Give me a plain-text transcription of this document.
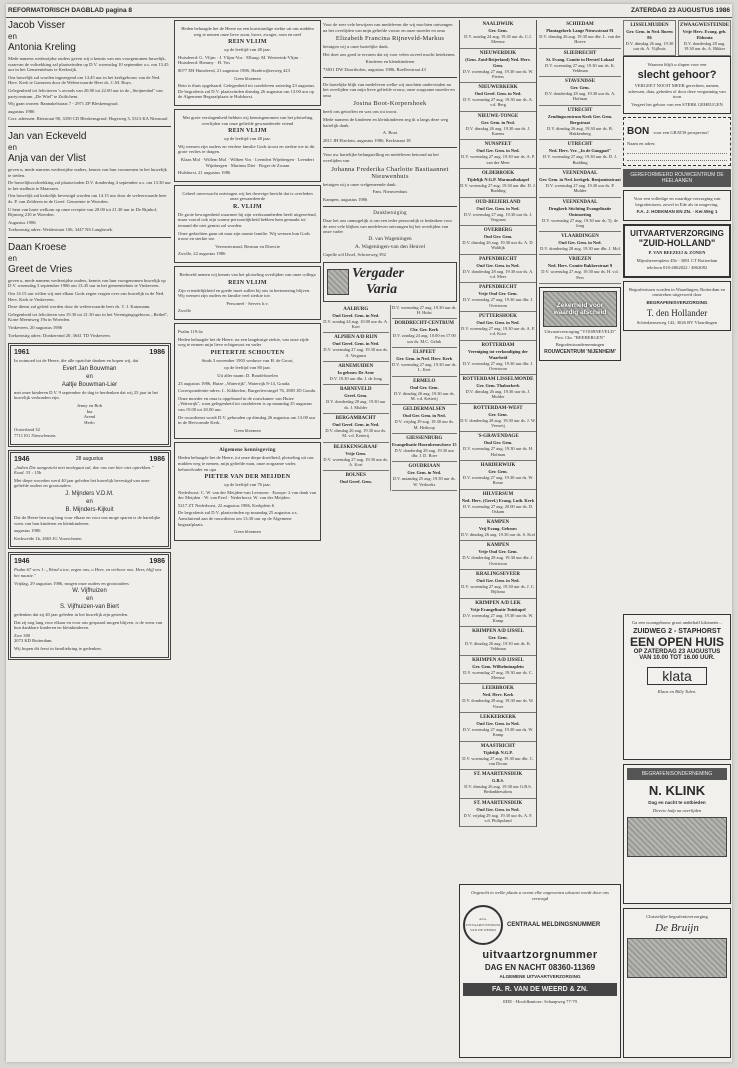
REFORMATORISCH DAGBLAD pagina 8	ZATERDAG 23 AUGUSTUS 1986
Jacob Visser
en
Antonia Kreling

Mede namens wederzijdse ouders geven wij u kennis van ons voorgenomen huwelijk, waarvan de voltrekking zal plaatsvinden op D.V. woensdag 10 september a.s. om 13.45 uur in het Gemeentehuis te Kerkwijk.

Ons huwelijk zal worden ingezegend om 14.45 uur in het kerkgebouw van de Ned. Herv. Kerk te Gameren door de Weleerwaarde Heer ds. C.M. Buys.

Gelegenheid tot feliciteren 's avonds van 20.00 tot 22.00 uur in de ,,Steijnenhal'' van partycentrum ,,De Wiel'' te Zuilichem.

Wij gaan wonen: Bannakelstraat 7 - 2971 ZP Bleskensgraaf.

augustus 1986

Corr. adressen: Rietstraat 90, 3350 CD Bleskensgraaf; Hogeweg 3, 5313 KA Nieuwaal

Jan van Eckeveld
en
Anja van der Vlist

geven u, mede namens wederzijdse ouders, kennis van hun voornemen in het huwelijk te treden.

De huwelijksvoltrekking zal plaatsvinden D.V. donderdag 4 september a.s. om 13.30 uur in het stadhuis te Maarssen.

Ons huwelijk zal kerkelijk bevestigd worden om 14.15 uur door de weleerwaarde heer ds. P. van Zelderen in de Geref. Gemeente te Woerden.

U bent van harte welkom op onze receptie van 20.00 tot 21.30 uur in De Rijnhof, Rijnweg 210 te Woerden.

Augustus 1986

Toekomstig adres: Weidestraat 106, 3447 NS Langbroek.

Daan Kroese
en
Greet de Vries

geven u, mede namens wederzijdse ouders, kennis van hun voorgenomen huwelijk op D.V. woensdag 3 september 1986 om 13.45 uur in het gemeentehuis te Vinkeveen.

Om 14.15 uur willen wij met elkaar Gods zegen vragen over ons huwelijk in de Ned. Herv. Kerk te Vinkeveen.

Deze dienst zal geleid worden door de weleerwaarde heer ds. T. J. Katzmann.

Gelegenheid tot feliciteren van 19.30 tot 21.30 uur in het Verenigingsgebouw ,,Bethel'', Korte Meentweg 19a in Woerden.

Vinkeveen, 20 augustus 1986

Toekomstig adres: Donkereind 20, 3641 TD Vinkeveen.

1961	1986

In ootmoed tot de Heere, die alle opzichte danken en hopen wij, dat

Evert Jan Bouwman
en
Aaltje Bouwman-Lier

met onze kinderen D.V. 9 september de dag te herdenken dat wij 25 jaar in het huwelijk verbonden zijn.

Jenny en Bob
Ina
Arend
Herlo

Oosterland 32
7711 EG Nieuwleusen.

1946	28 augustus	1986

,,Indien Die aangezicht niet medegaat zal, doe ons van hier niet optrekken.'' Exod. 33 : 15b

Met diepe woorden werd 40 jaar geleden het huwelijk bevestigd van onze geliefde ouders en grootouders

J. Mijnders V.D.M.
en
B. Mijnders-Kijkuit

Dat de Heere hen nog lang voor elkaar en voor ons moge sparen is de hartelijke wens van hun kinderen en kleinkinderen.

augustus 1986

Kerkweide 1b, 2665 JG Voorschoten

1946	1986

Psalm 67 vers 1: ,,Wend u toe, zegen ons, o Heer, en verhoor ons. Heer, blijf ons het naaste.''

Vrijdag, 29 augustus 1986, mogen onze ouders en grootouders

W. Vijfhuizen
en
S. Vijfhuizen-van Biert

gedenken dat zij 40 jaar geleden in het huwelijk zijn getreden.

Dat zij nog lang voor elkaar en voor ons gespaard mogen blijven, is de wens van hun dankbare kinderen en kleinkinderen.

Zwe 300
2073 KD Rotterdam.

Wij hopen dit feest in familiekring te gedenken.

Heden behaagde het de Heere na een kortstondige ziekte uit ons midden weg te nemen onze lieve zoon, broer, zwager, oom en neef

REIN VLIJM

op de leeftijd van 48 jaar.

Huisdeerd: G. Vlijm · J. Vlijm-Vos · Elburg: M. Westerink-Vlijm · Huisdeerd: Bieumy · H. Vos

8077 EH Huisdeerd, 21 augustus 1986, Hardewijkerweg 423

Geen bloemen

Rein is thuis opgebaard. Gelegenheid tot condoleren zaterdag 23 augustus. De begrafenis zal D.V. plaatsvinden dinsdag 26 augustus om 13.00 uur op de Algemene Begraafplaats te Hulshorst.

Met grote verslagenheid hebben wij kennisgenomen van het plotseling overlijden van onze geliefde gewaardeerde vriend

REIN VLIJM

op de leeftijd van 48 jaar.

Wij wensen zijn ouders en verdere familie Gods troost en sterkte toe in dit grote verlies te dragen.

Klaas Mol · Willem Mol · Wilben Vos · Leendert Wijnbergen · Leendert Wijnbergen · Marinus Diet · Roger de Zwaan

Hulshorst, 21 augustus 1986

Geheel onverwacht ontvingen wij het droevige bericht dat is overleden onze gewaardeerde

R. VLIJM

De grote bewogenheid waarmee hij zijn werkzaamheden heeft uitgeoefend, maar vooral ook zijn warme persoonlijkheid hebben hem gemaakt tot iemand die niet gemist zal worden.

Onze gedachten gaan uit naar zijn naaste familie. Wij wensen hun Gods troost en sterkte toe.

Verenstecmaal, Bestuur en Directie

Zwolle, 22 augustus 1986

Bedroefd nemen wij kennis van het plotseling overlijden van onze collega

REIN VLIJM

Zijn vriendelijkheid en goede inzet zullen bij ons in herinnering blijven. Wij wensen zijn ouders en familie veel sterkte toe.

Personeel · Servex b.v.

Zwolle

Psalm 119:4a

Heden behaagde het de Heere, na een langdurige ziekte, van onze zijde weg te nemen mijn lieve echtgenoot en vader

PIETERTJE SCHOUTEN

Sinds 3 november 1903 weduwe van H. de Groot,

op de leeftijd van 80 jaar.

Uit aller naam: D. Boudelstoelen

23 augustus 1986, Huize ,,Waterrijk'', Waterrijk 8-14, Gouda.

Correspondentie-adres: L. Kikkerlen, Burgerlewsingel 76, 2805 JD Gouda.

Onze moeder en oma is opgebaard in de rouwkamer van Huize ,,Waterrijk'', waar gelegenheid tot condoleren is op maandag 25 augustus van 19.00 tot 20.00 uur.

De rouwdienst wordt D.V. gehouden op dinsdag 26 augustus om 13.00 uur in de Hervormde Kerk.

Geen bloemen

Algemene kennisgeving

Heden behaagde het de Heere, tot onze diepe droefheid, plotseling uit ons midden weg te nemen, mijn geliefde man, onze zorgzame vader, behuwdvader en opa

PIETER VAN DER MEIJDEN

op de leeftijd van 76 jaar.

Nederhorst: C. W. van der Meijden-van Leeuwen · Europe: 2 van dank van der Meijden · W. van Eerd · Nederhorst: W. van der Meijden

5217 ZT Nederhorst, 22 augustus 1986, Kerkplein 6

De begrafenis zal D.V. plaatsvinden op maandag 25 augustus a.s. Aansluitend aan de rouwdienst om 13.30 uur op de Algemene begraafplaats.

Geen bloemen

Voor de zeer vele bewijzen van medeleven die wij mochten ontvangen na het overlijden van mijn geliefde vrouw en onze moeder en oma

Elizabeth Francina Rijneveld-Markus

betuigen wij u onze hartelijke dank.

Het doet ons goed te ervaren dat zij voor velen zoveel mocht betekenen.

Kinderen en kleinkinderen

*3831 DW Doorthofen, augustus 1986, Boellerstraat 43

De hartelijke blijk van medeleven welke wij mochten ondervinden na het overlijden van mijn lieve geliefde vrouw, onze zorgzame moeder en oma

Josina Boot-Korpershoek

heeft ons getroffen en was ons tot troost.

Mede namens de kinderen en kleinkinderen zeg ik u langs deze weg hartelijk dank.

A. Boot

2811 JH Elzeloin, augustus 1986, Kerkstraat 18

Voor uw hartelijke belangstelling en medeleven betoond na het overlijden van

Johanna Frederika Charlotte Bastiaannet Nieuwenhuis

betuigen wij u onze welgemeende dank.

Fam. Nieuwenhuis

Kampen, augustus 1986

Dankbetuiging

Daar het ons onmogelijk is om een ieder persoonlijk te bedanken voor de zeer vele blijken van medeleven ontvangen bij het overlijden van onze vader

D. van Wageningen

A. Wageningen-van den Heuvel

Capelle a/d IJssel, Schroeweg 392

Vergader
Varia
AALBURG
Oud Geref. Gem. in Ned.
D.V. zondag 24 aug. 10.00 uur ds. A. Kort
ALPHEN A/D RIJN
Oud Geref. Gem. in Ned.
D.V. woensdag 27 aug. 19.30 uur ds. A. Vergunst
ARNEMUIDEN
In gebouw De Arne
D.V. 19.30 uur dhr. J. de Jong
BARNEVELD
Geref. Gem.
D.V. donderdag 28 aug. 19.30 uur ds. J. Mulder
BERGAMBACHT
Oud Geref. Gem. in Ned.
D.V. dinsdag 26 aug. 19.30 uur ds. M. v.d. Ketterij
BLESKENSGRAAF
Vrije Gem.
D.V. woensdag 27 aug. 19.30 uur ds. A. Kort
BOLNES
Oud Geref. Gem.
D.V. woensdag 27 aug. 19.30 uur ds. H. Hulst
DORDRECHT-CENTRUM
Chr. Ger. Kerk
D.V. zondag 24 aug. 10.00 en 17.00 uur ds. M.C. Geluk
ELSPEET
Ger. Gem. in Ned. Herv. Kerk
D.V. woensdag 27 aug. 19.30 uur ds. L. Kret
ERMELO
Oud Ger. Gem.
D.V. dinsdag 26 aug. 19.30 uur ds. M. v.d. Ketterij
GELDERMALSEN
Oud Ger. Gem. in Ned.
D.V. vrijdag 29 aug. 19.30 uur ds. M. Heikoop
GIESSENBURG
Evangelisatie Hoornbrouwhove 15
D.V. donderdag 28 aug. 19.30 uur dhr. J. D. Boer
GOUDRIAAN
Ger. Gem. in Ned.
D.V. maandag 25 aug. 19.30 uur ds. W. Verhoeks
NAALDWIJK
Ger. Gem.
D.V. zondag 24 aug. 19.45 uur ds. C.J. Meeuse
NIEUWERDIJK
(Gem. Zuid-Beijerland) Ned. Herv. Gem.
D.V. woensdag 27 aug. 19.30 uur ds. W. Pieters
NIEUWERKERK
Oud Geref. Gem. in Ned.
D.V. woensdag 27 aug. 19.30 uur ds. A. v.d. Berg
NIEUWE-TONGE
Ger. Gem. in Ned.
D.V. dinsdag 26 aug. 19.30 uur ds. J. Karens
NUNSPEET
Oud Ger. Gem. in Ned.
D.V. woensdag 27 aug. 19.30 uur ds. A. P. van der Meer
OLDEBROEK
Tijdelijk N.G.P. Maranathakapel
D.V. woensdag 27 aug. 19.30 uur dhr. D. J. Budding
OUD-BEIJERLAND
Oud Ger. Gem. in Ned.
D.V. woensdag 27 aug. 19.30 uur ds. J. Vergunst
OVERBERG
Oud Ger. Gem.
D.V. dinsdag 26 aug. 19.30 uur ds. A. D. Waldijk
PAPENDRECHT
Oud Ger. Gem. in Ned.
D.V. donderdag 28 aug. 19.30 uur ds. A. v.d. Meer
PAPENDRECHT
Vrije Oud Ger. Gem.
D.V. woensdag 27 aug. 19.30 uur dhr. J. Overtoom
PUTTERSHOEK
Oud Ger. Gem. in Ned.
D.V. woensdag 27 aug. 19.30 uur ds. A. F. v.d. Koor
ROTTERDAM
Vereniging tot verkondiging der Waarheid
D.V. woensdag 27 aug. 19.30 uur dhr. J. Overtoom
ROTTERDAM LISSELMONDE
Ger. Gem. Thaborkerk
D.V. dinsdag 26 aug. 19.30 uur ds. J. Mulder
ROTTERDAM-WEST
Ger. Gem.
D.V. donderdag 28 aug. 19.30 uur ds. J. W. Verweij
'S-GRAVENDAGE
Oud Ger. Gem.
D.V. woensdag 27 aug. 19.30 uur ds. H. Hofman
HARDERWIJK
Ger. Gem.
D.V. woensdag 27 aug. 19.30 uur ds. W. Rosse
HILVERSUM
Ned. Herv. (Geref.) Evang. Luth. Kerk
D.V. woensdag 27 aug. 20.00 uur ds. D. Oskam
KAMPEN
Vrij Evang. Gebouw
D.V. dinsdag 26 aug. 19.30 uur ds. S. Krol
KAMPEN
Vrije Oud Ger. Gem.
D.V. donderdag 28 aug. 19.30 uur dhr. J. Overtoom
KRALINGSEVEER
Oud Ger. Gem. in Ned.
D.V. woensdag 27 aug. 19.30 uur ds. J. C. Bijlsma
KRIMPEN A/D LEK
Vrije Evangelisatie Tuinkapel
D.V. woensdag 27 aug. 19.30 uur ds. W. Kamp
KRIMPEN A/D IJSSEL
Ger. Gem.
D.V. dinsdag 26 aug. 19.30 uur ds. K. Veldman
KRIMPEN A/D IJSSEL
Ger. Gem. Wilhelminaplein
D.V. woensdag 27 aug. 19.30 uur ds. C. Meeuse
LEERBROEK
Ned. Herv. Kerk
D.V. donderdag 28 aug. 19.30 uur ds. W. Visser
LEKKERKERK
Oud Ger. Gem. in Ned.
D.V. woensdag 27 aug. 19.30 uur ds. W. Kamp
MAASTRICHT
Tijdelijk N.G.P.
D.V. woensdag 27 aug. 19.30 uur dhr. C. van Doorn
ST. MAARTENSDIJK
G.B.S.
D.V. dinsdag 26 aug. 19.30 uur G.B.S. Bedankbesalons
ST. MAARTENSDIJK
Oud Ger. Gem. in Ned.
D.V. vrijdag 29 aug. 19.30 uur ds. A. F. v.d. Philipsland
SCHIEDAM
Plantagekerk Lange Nieuwstraat 91
D.V. dinsdag 26 aug. 19.30 uur dhr. L. van der Hoeve
SLIEDRECHT
St. Evang. Comite in Herstel Lokaal
D.V. woensdag 27 aug. 19.30 uur ds. K. Veldman
STAVENISSE
Ger. Gem.
D.V. donderdag 28 aug. 19.30 uur ds. A. Hofman
UTRECHT
Zendingscentrum Kerk Ger. Gem. Bergstraat
D.V. dinsdag 26 aug. 19.30 uur ds. B. Hakkenberg
UTRECHT
Ned. Herv. Ver. ,,In de Gangpad''
D.V. woensdag 27 aug. 19.30 uur ds. D. J. Budding
VEENENDAAL
Ger. Gem. in Ned. kerkgeb. Benjaminstraat
D.V. woensdag 27 aug. 19.30 uur ds. P. Mulder
VEENENDAAL
Drugkerk Stichting Evangelisatie Ontmoeting
D.V. woensdag 27 aug. 19.30 uur ds. Tj. de Jong
VLAARDINGEN
Oud Ger. Gem. in Ned.
D.V. donderdag 28 aug. 19.30 uur dhr. J. Mol
VRIEZEN
Ned. Herv. Comite Bakkerstraat 9
D.V. woensdag 27 aug. 19.30 uur ds. H. v.d. Pers
Zekerheid voor waardig afscheid

Uitvaartverzorging "VOORNEVELD" Prot. Chr. "REEBERGEN"

Begrafenisondernemingen

ROUWCENTRUM 'NIJENHEIM'

LISSELMUIDEN
Ger. Gem. in Ned. Buren 86
D.V. dinsdag 26 aug. 19.30 uur ds. A. Vijfhuis
ZWAAGWESTEINDE
Vrije Herv. Evang. geb. Ebbouta
D.V. donderdag 28 aug. 19.30 uur ds. A. Bikker

Waarom blijft u slapen voor een

slecht gehoor?

VERGEET NOOIT MEER gerechten, namen, adressen, data, gebeden of door deze vergunning van toon

Vergeet het gehoor van een STERK GEHEUGEN

BON voor een GRATIS prospectus!

Naam en adres:

GEREFORMEERD ROUWCENTRUM DE HEELAANEN

Voor een volledige en waardige verzorging van begrafenissen, zowel in Ede als in omgeving.

F.A. J. HOEKMAN EN ZN. · Ker.Weg 1

UITVAARTVERZORGING
"ZUID-HOLLAND"

P. VAN BEEZEIJ & ZONEN

Mijnsheerenplein 45b - 3081 CT Rotterdam

telefoon 010-4862822 / 4862082

Begrafenissen worden in Waardingen, Rotterdam en omstreken uitgevoerd door

BEGRAFENISVERZORGING

T. den Hollander

Schiedamseweg 142, 3026 BV Vlaardingen

Ga een woongebouw groot anderhalf kilometer...

ZUIDWEG 2 - STAPHORST
EEN OPEN HUIS
OP ZATERDAG 23 AUGUSTUS
VAN 10.00 TOT 16.00 UUR.
klata

Klaas en Billy Tulen.

BEGRAFENISONDERNEMING
N. KLINK

Dag en nacht te ontbieden

Directe hulp na overlijden

Christelijke begrafenisverzorging

De Bruijn

Ongeacht in welke plaats u woont elke ongewonen uitvaart wordt door ons verzorgd

ALG. UITVAARTCENTRUM VAN DE WEERD
CENTRAAL MELDINGSNUMMER
uitvaartzorgnummer
DAG EN NACHT 08360-11369

ALGEMENE UITVAARTVERZORGING

FA. R. VAN DE WEERD & ZN.

EDE - Hoofdkantoor: Schaapweg 77-79
